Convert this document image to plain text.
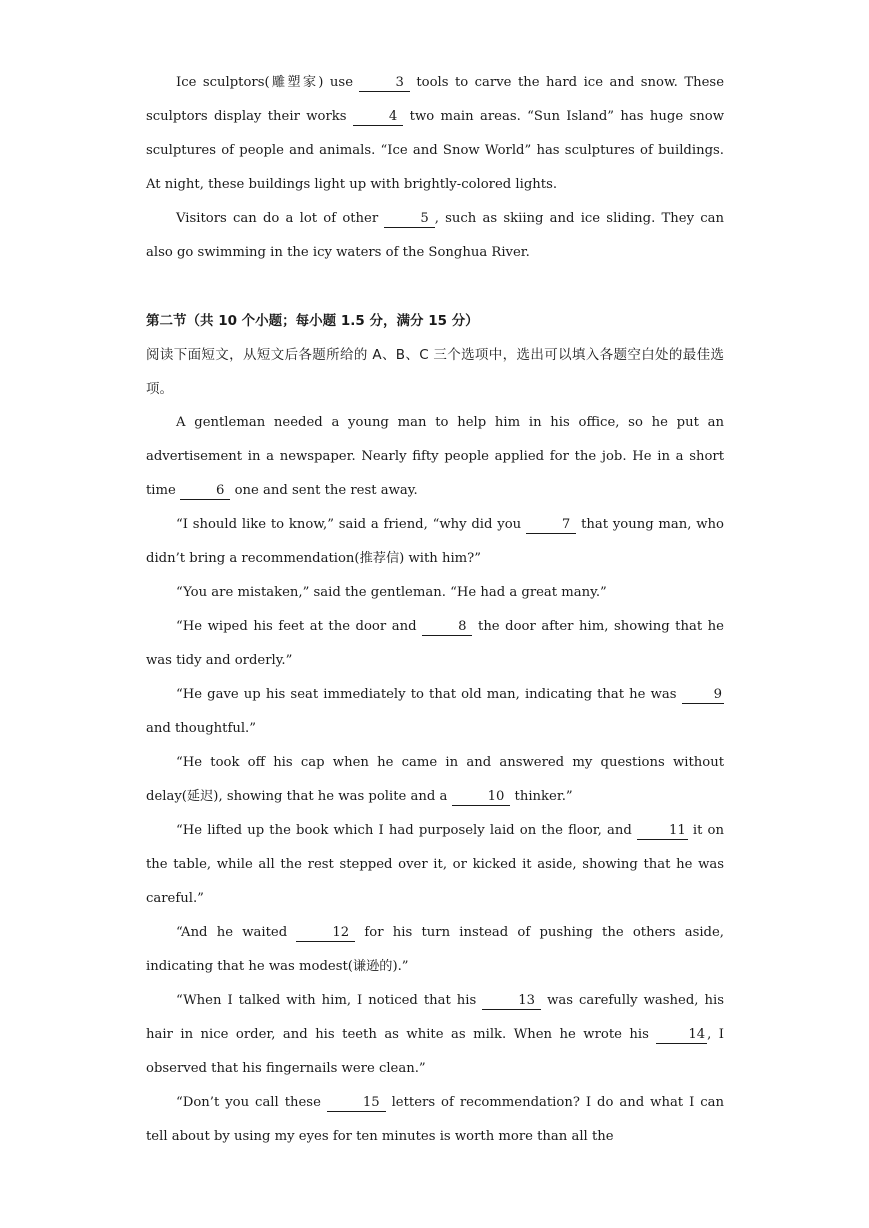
Ice sculptors(雕塑家) use	3 tools to carve the hard ice and snow. These sculptors display their works	4 two main areas. “Sun Island” has huge snow sculptures of people and animals. “Ice and Snow World” has sculptures of buildings. At night, these buildings light up with brightly-colored lights.

Visitors can do a lot of other	5 , such as skiing and ice sliding. They can also go swimming in the icy waters of the Songhua River.

第二节（共 10 个小题；每小题 1.5 分，满分 15 分）

阅读下面短文，从短文后各题所给的 A、B、C 三个选项中，选出可以填入各题空白处的最佳选项。

A gentleman needed a young man to help him in his office, so he put an advertisement in a newspaper. Nearly fifty people applied for the job. He in a short time	6 one and sent the rest away.

“I should like to know,” said a friend, “why did you	7 that young man, who didn’t bring a recommendation(推荐信) with him?”

“You are mistaken,” said the gentleman. “He had a great many.”

“He wiped his feet at the door and	8 the door after him, showing that he was tidy and orderly.”

“He gave up his seat immediately to that old man, indicating that he was 9 and thoughtful.”

“He took off his cap when he came in and answered my questions without delay(延迟), showing that he was polite and a	10 thinker.”

“He lifted up the book which I had purposely laid on the floor, and 11 it on the table, while all the rest stepped over it, or kicked it aside, showing that he was careful.”

“And he waited	12 for his turn instead of pushing the others aside, indicating that he was modest(谦逊的).”

“When I talked with him, I noticed that his	13 was carefully washed, his hair in nice order, and his teeth as white as milk. When he wrote his 14 , I observed that his fingernails were clean.”

“Don’t you call these	15 letters of recommendation? I do and what I can tell about by using my eyes for ten minutes is worth more than all the
